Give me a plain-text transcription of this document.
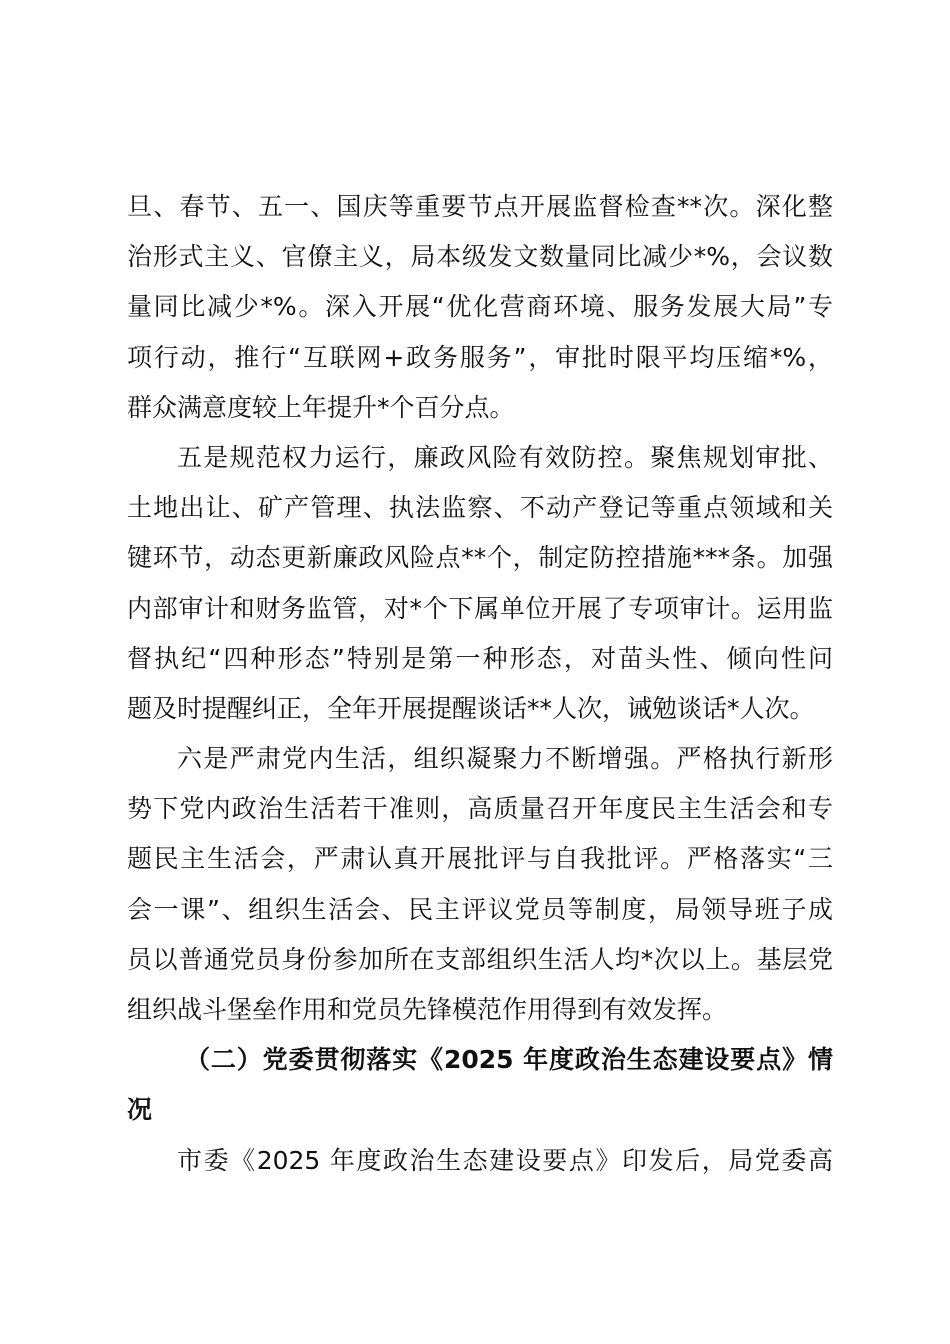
旦、春节、五一、国庆等重要节点开展监督检查**次。深化整
治形式主义、官僚主义，局本级发文数量同比减少*%，会议数
量同比减少*%。深入开展“优化营商环境、服务发展大局”专
项行动，推行“互联网+政务服务”，审批时限平均压缩*%，
群众满意度较上年提升*个百分点。
五是规范权力运行，廉政风险有效防控。聚焦规划审批、
土地出让、矿产管理、执法监察、不动产登记等重点领域和关
键环节，动态更新廉政风险点**个，制定防控措施***条。加强
内部审计和财务监管，对*个下属单位开展了专项审计。运用监
督执纪“四种形态”特别是第一种形态，对苗头性、倾向性问
题及时提醒纠正，全年开展提醒谈话**人次，诫勉谈话*人次。
六是严肃党内生活，组织凝聚力不断增强。严格执行新形
势下党内政治生活若干准则，高质量召开年度民主生活会和专
题民主生活会，严肃认真开展批评与自我批评。严格落实“三
会一课”、组织生活会、民主评议党员等制度，局领导班子成
员以普通党员身份参加所在支部组织生活人均*次以上。基层党
组织战斗堡垒作用和党员先锋模范作用得到有效发挥。
（二）党委贯彻落实《2025 年度政治生态建设要点》情
况
市委《2025 年度政治生态建设要点》印发后，局党委高
